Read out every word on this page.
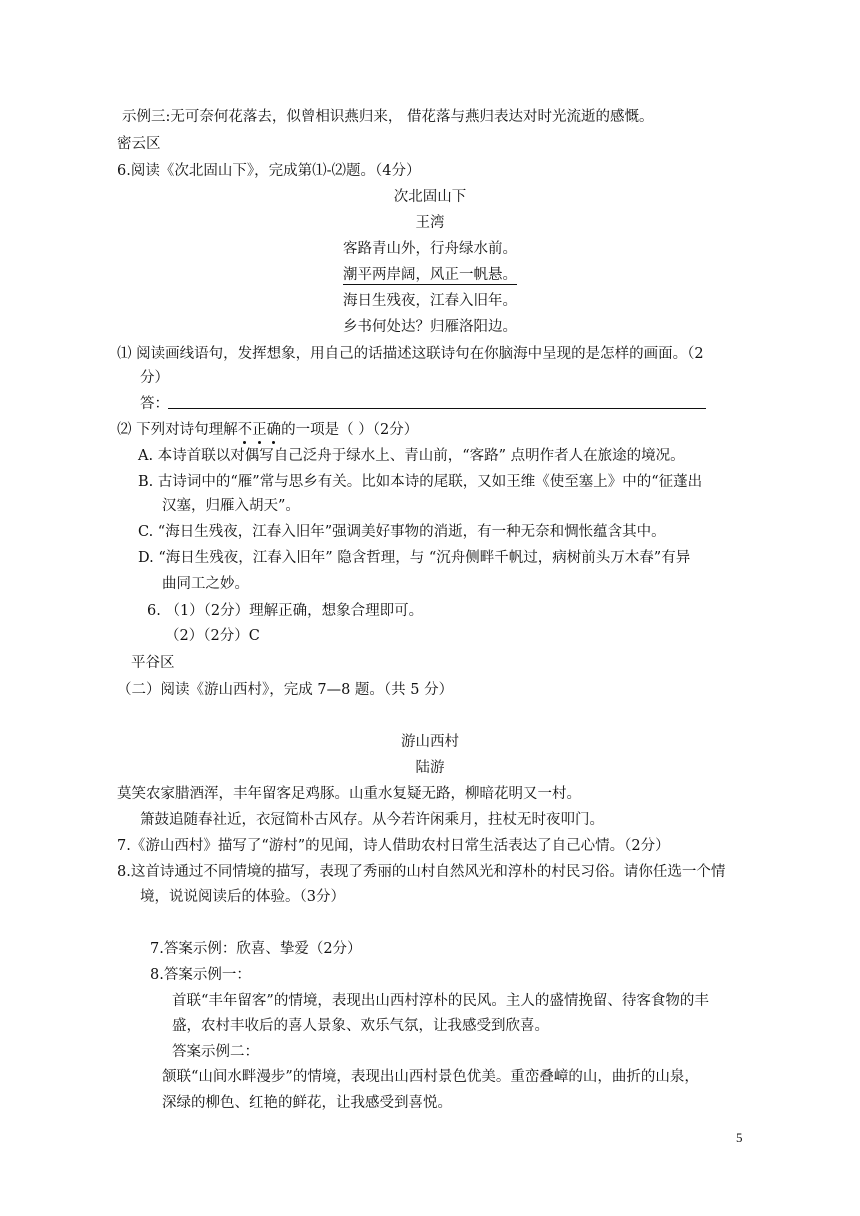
示例三:无可奈何花落去，似曾相识燕归来， 借花落与燕归表达对时光流逝的感慨。
密云区
6.阅读《次北固山下》，完成第⑴-⑵题。（4分）
次北固山下
王湾
客路青山外，行舟绿水前。
潮平两岸阔，风正一帆悬。
海日生残夜，江春入旧年。
乡书何处达？归雁洛阳边。
⑴ 阅读画线语句，发挥想象，用自己的话描述这联诗句在你脑海中呈现的是怎样的画面。（2
分）
答：
⑵ 下列对诗句理解不正确的一项是（ ）（2分）
A. 本诗首联以对偶写自己泛舟于绿水上、青山前，“客路” 点明作者人在旅途的境况。
B. 古诗词中的“雁”常与思乡有关。比如本诗的尾联，又如王维《使至塞上》中的“征蓬出
汉塞，归雁入胡天”。
C. “海日生残夜，江春入旧年”强调美好事物的消逝，有一种无奈和惆怅蕴含其中。
D. “海日生残夜，江春入旧年” 隐含哲理，与 “沉舟侧畔千帆过，病树前头万木春”有异
曲同工之妙。
6. （1）（2分）理解正确，想象合理即可。
（2）（2分）C
平谷区
（二）阅读《游山西村》，完成 7—8 题。（共 5 分）
游山西村
陆游
莫笑农家腊酒浑，丰年留客足鸡豚。山重水复疑无路，柳暗花明又一村。
箫鼓追随春社近，衣冠简朴古风存。从今若许闲乘月，拄杖无时夜叩门。
7.《游山西村》描写了“游村”的见闻，诗人借助农村日常生活表达了自己心情。（2分）
8.这首诗通过不同情境的描写，表现了秀丽的山村自然风光和淳朴的村民习俗。请你任选一个情
境，说说阅读后的体验。（3分）
7.答案示例：欣喜、挚爱（2分）
8.答案示例一：
首联“丰年留客”的情境，表现出山西村淳朴的民风。主人的盛情挽留、待客食物的丰
盛，农村丰收后的喜人景象、欢乐气氛，让我感受到欣喜。
答案示例二：
颔联“山间水畔漫步”的情境，表现出山西村景色优美。重峦叠嶂的山，曲折的山泉，
深绿的柳色、红艳的鲜花，让我感受到喜悦。
5
